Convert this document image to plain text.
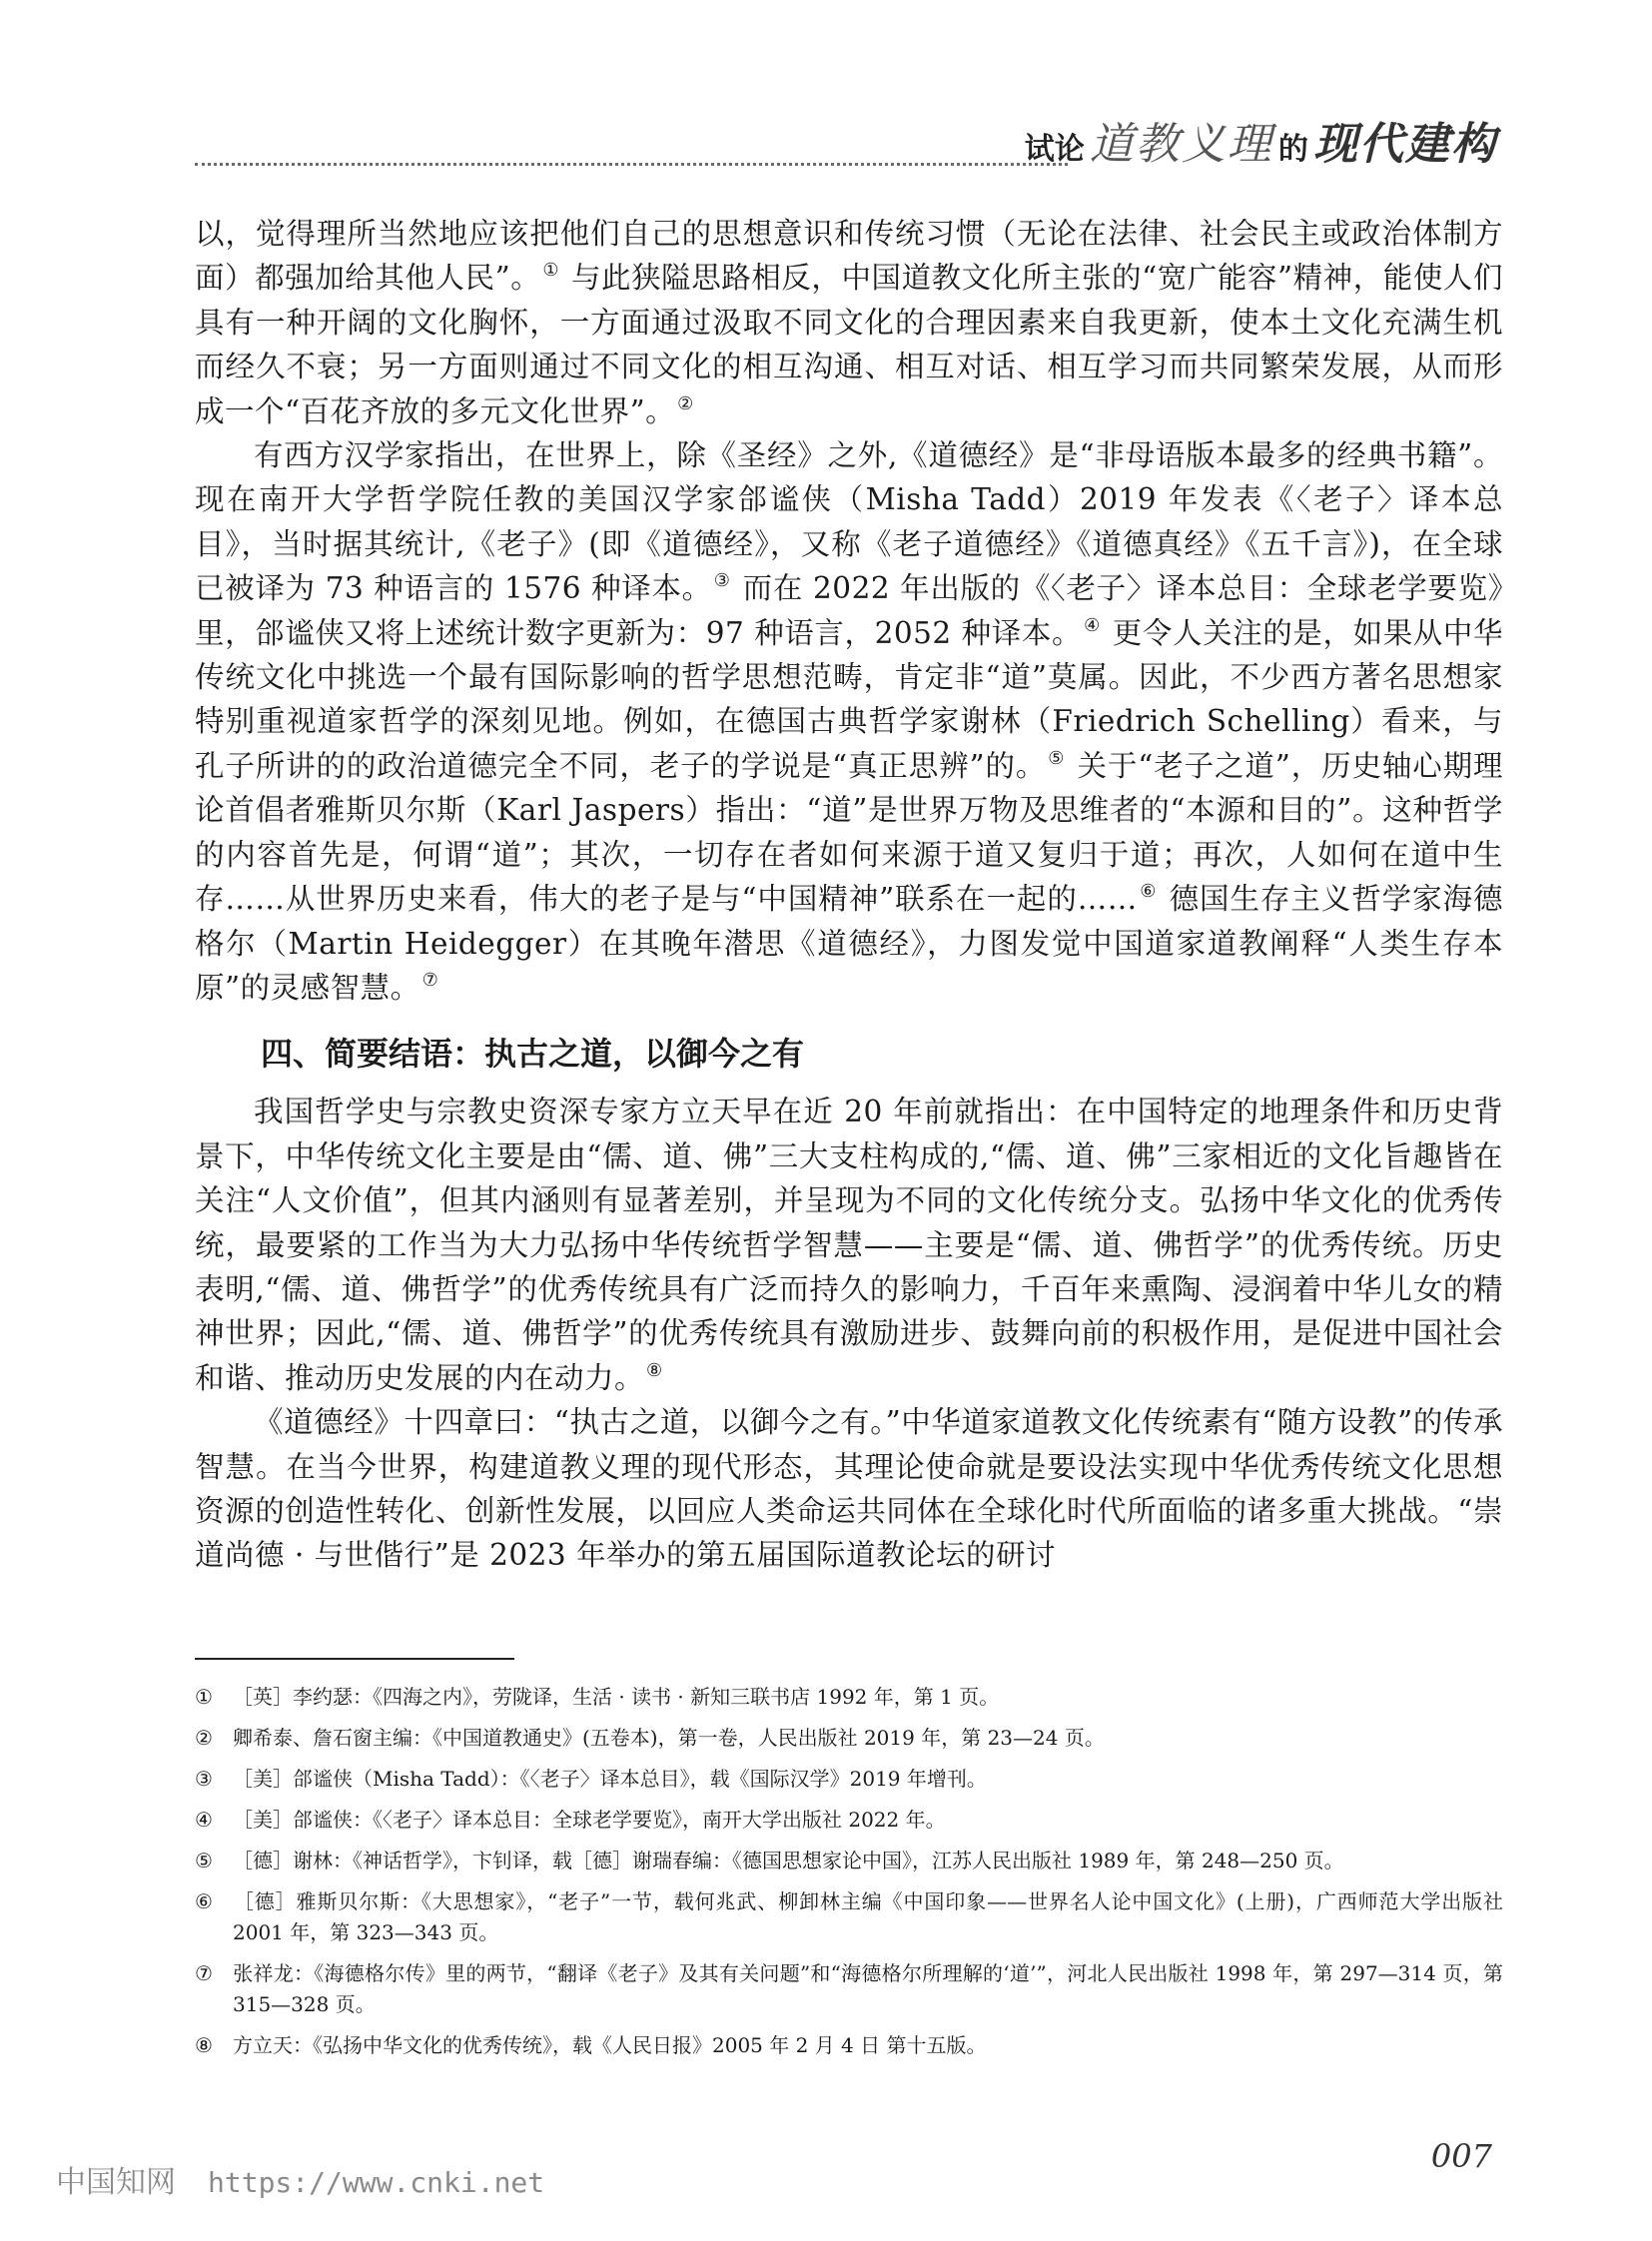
试论 道教义理 的 现代建构

以，觉得理所当然地应该把他们自己的思想意识和传统习惯（无论在法律、社会民主或政治体制方面）都强加给其他人民”。 ① 与此狭隘思路相反，中国道教文化所主张的“宽广能容”精神，能使人们具有一种开阔的文化胸怀，一方面通过汲取不同文化的合理因素来自我更新，使本土文化充满生机而经久不衰；另一方面则通过不同文化的相互沟通、相互对话、相互学习而共同繁荣发展，从而形成一个“百花齐放的多元文化世界”。 ②

有西方汉学家指出，在世界上，除《圣经》之外,《道德经》是“非母语版本最多的经典书籍”。现在南开大学哲学院任教的美国汉学家郃谧侠（Misha Tadd）2019 年发表《〈老子〉译本总目》，当时据其统计,《老子》(即《道德经》，又称《老子道德经》《道德真经》《五千言》)，在全球已被译为 73 种语言的 1576 种译本。 ③ 而在 2022 年出版的《〈老子〉译本总目：全球老学要览》里，郃谧侠又将上述统计数字更新为：97 种语言，2052 种译本。 ④ 更令人关注的是，如果从中华传统文化中挑选一个最有国际影响的哲学思想范畴，肯定非“道”莫属。因此，不少西方著名思想家特别重视道家哲学的深刻见地。例如，在德国古典哲学家谢林（Friedrich Schelling）看来，与孔子所讲的的政治道德完全不同，老子的学说是“真正思辨”的。 ⑤ 关于“老子之道”，历史轴心期理论首倡者雅斯贝尔斯（Karl Jaspers）指出：“道”是世界万物及思维者的“本源和目的”。这种哲学的内容首先是，何谓“道”；其次，一切存在者如何来源于道又复归于道；再次，人如何在道中生存……从世界历史来看，伟大的老子是与“中国精神”联系在一起的…… ⑥ 德国生存主义哲学家海德格尔（Martin Heidegger）在其晚年潜思《道德经》，力图发觉中国道家道教阐释“人类生存本原”的灵感智慧。 ⑦

四、简要结语：执古之道，以御今之有

我国哲学史与宗教史资深专家方立天早在近 20 年前就指出：在中国特定的地理条件和历史背景下，中华传统文化主要是由“儒、道、佛”三大支柱构成的,“儒、道、佛”三家相近的文化旨趣皆在关注“人文价值”，但其内涵则有显著差别，并呈现为不同的文化传统分支。弘扬中华文化的优秀传统，最要紧的工作当为大力弘扬中华传统哲学智慧——主要是“儒、道、佛哲学”的优秀传统。历史表明,“儒、道、佛哲学”的优秀传统具有广泛而持久的影响力，千百年来熏陶、浸润着中华儿女的精神世界；因此,“儒、道、佛哲学”的优秀传统具有激励进步、鼓舞向前的积极作用，是促进中国社会和谐、推动历史发展的内在动力。 ⑧

《道德经》十四章曰：“执古之道，以御今之有。”中华道家道教文化传统素有“随方设教”的传承智慧。在当今世界，构建道教义理的现代形态，其理论使命就是要设法实现中华优秀传统文化思想资源的创造性转化、创新性发展，以回应人类命运共同体在全球化时代所面临的诸多重大挑战。“崇道尚德 · 与世偕行”是 2023 年举办的第五届国际道教论坛的研讨

① ［英］李约瑟：《四海之内》，劳陇译，生活 · 读书 · 新知三联书店 1992 年，第 1 页。

② 卿希泰、詹石窗主编：《中国道教通史》(五卷本)，第一卷，人民出版社 2019 年，第 23—24 页。

③ ［美］郃谧侠（Misha Tadd）：《〈老子〉译本总目》，载《国际汉学》2019 年增刊。

④ ［美］郃谧侠：《〈老子〉译本总目：全球老学要览》，南开大学出版社 2022 年。

⑤ ［德］谢林：《神话哲学》，卞钊译，载［德］谢瑞春编：《德国思想家论中国》，江苏人民出版社 1989 年，第 248—250 页。

⑥ ［德］雅斯贝尔斯：《大思想家》，“老子”一节，载何兆武、柳卸林主编《中国印象——世界名人论中国文化》(上册)，广西师范大学出版社 2001 年，第 323—343 页。

⑦ 张祥龙：《海德格尔传》里的两节，“翻译《老子》及其有关问题”和“海德格尔所理解的‘道’”，河北人民出版社 1998 年，第 297—314 页，第 315—328 页。

⑧ 方立天：《弘扬中华文化的优秀传统》，载《人民日报》2005 年 2 月 4 日 第十五版。

007
中国知网 https://www.cnki.net
